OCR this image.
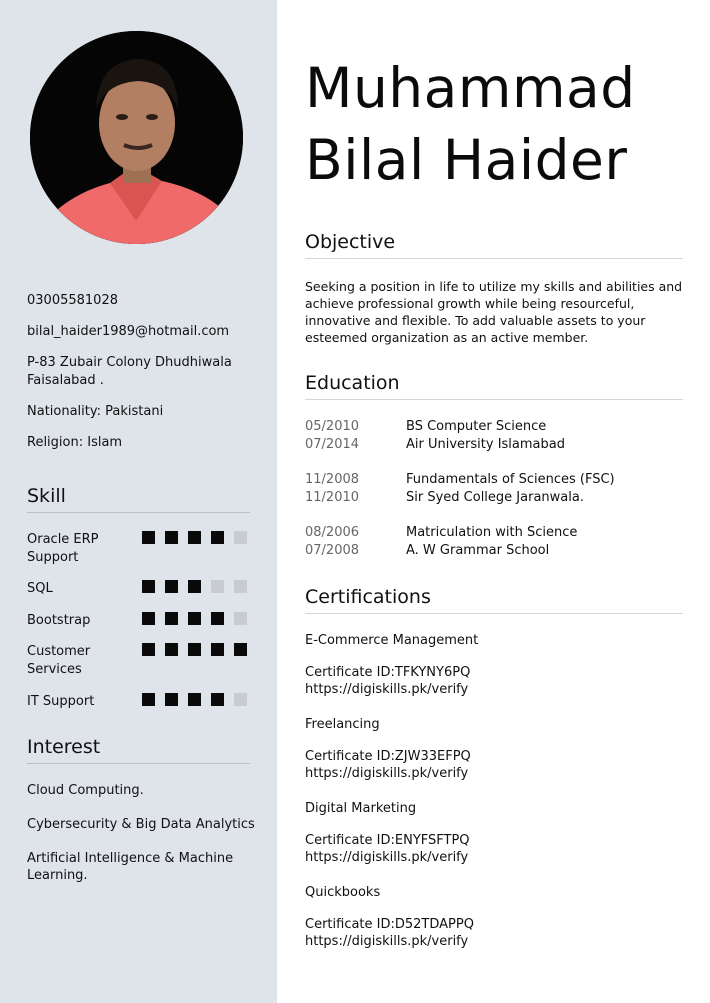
03005581028
bilal_haider1989@hotmail.com
P-83 Zubair Colony Dhudhiwala
Faisalabad .
Nationality: Pakistani
Religion: Islam
Skill
Oracle ERP Support
SQL
Bootstrap
Customer Services
IT Support
Interest
Cloud Computing.
Cybersecurity & Big Data Analytics
Artificial Intelligence & Machine Learning.
Muhammad
Bilal Haider
Objective
Seeking a position in life to utilize my skills and abilities and achieve professional growth while being resourceful, innovative and flexible. To add valuable assets to your esteemed organization as an active member.
Education
05/2010
07/2014
BS Computer Science
Air University Islamabad
11/2008
11/2010
Fundamentals of Sciences (FSC)
Sir Syed College Jaranwala.
08/2006
07/2008
Matriculation with Science
A. W Grammar School
Certifications
E-Commerce Management
Certificate ID:TFKYNY6PQ
https://digiskills.pk/verify
Freelancing
Certificate ID:ZJW33EFPQ
https://digiskills.pk/verify
Digital Marketing
Certificate ID:ENYFSFTPQ
https://digiskills.pk/verify
Quickbooks
Certificate ID:D52TDAPPQ
https://digiskills.pk/verify
